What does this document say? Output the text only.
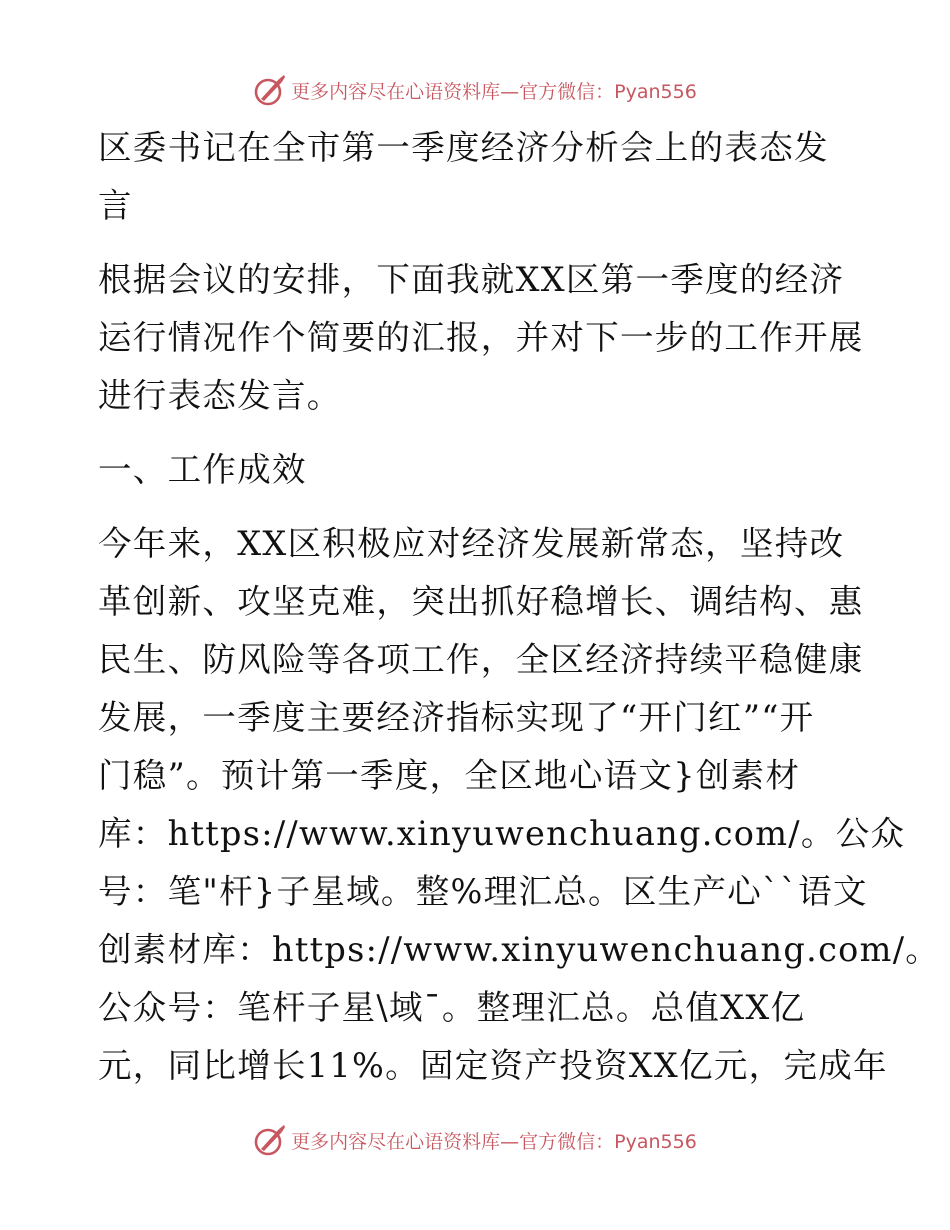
更多内容尽在心语资料库—官方微信：Pyan556
区委书记在全市第一季度经济分析会上的表态发
言
根据会议的安排，下面我就XX区第一季度的经济
运行情况作个简要的汇报，并对下一步的工作开展
进行表态发言。
一、工作成效
今年来，XX区积极应对经济发展新常态，坚持改
革创新、攻坚克难，突出抓好稳增长、调结构、惠
民生、防风险等各项工作，全区经济持续平稳健康
发展，一季度主要经济指标实现了“开门红”“开
门稳”。预计第一季度，全区地心语文}创素材
库：https://www.xinyuwenchuang.com/。公众
号：笔"杆}子星域。整%理汇总。区生产心``语文
创素材库：https://www.xinyuwenchuang.com/。
公众号：笔杆子星\域¯。整理汇总。总值XX亿
元，同比增长11%。固定资产投资XX亿元，完成年
更多内容尽在心语资料库—官方微信：Pyan556
